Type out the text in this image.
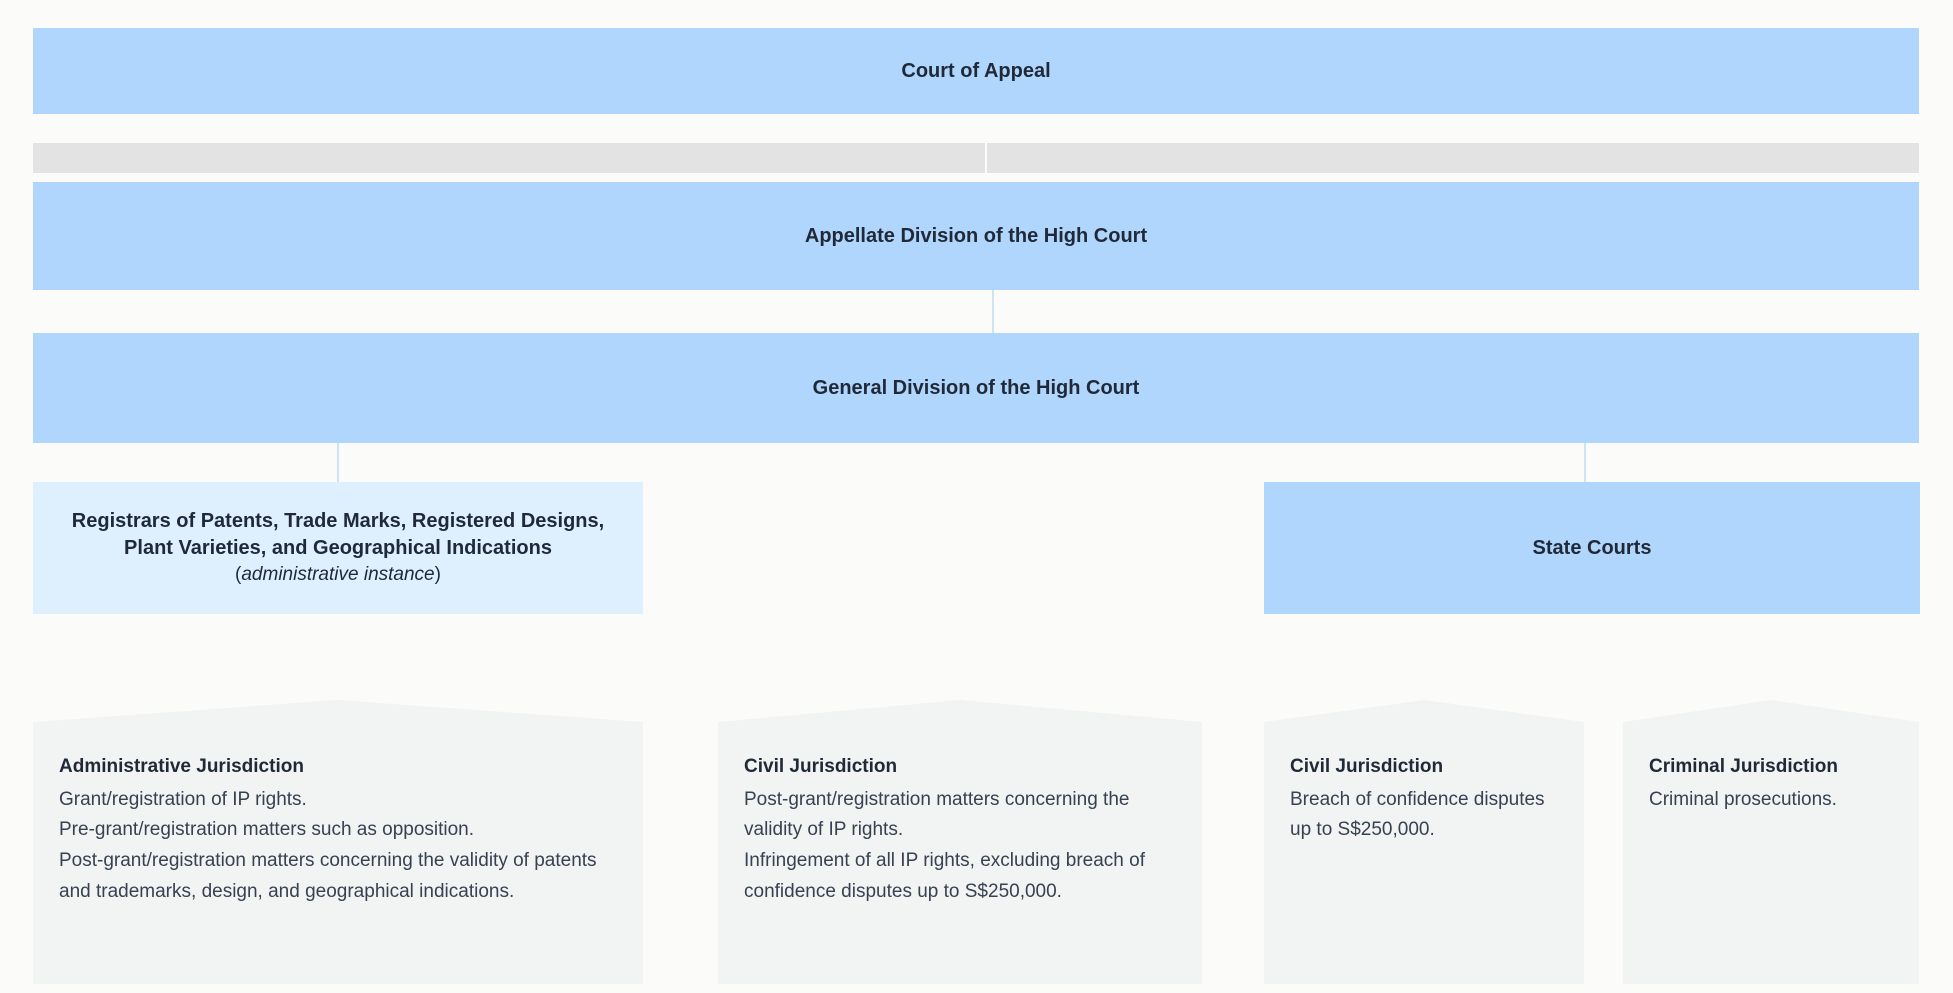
Court of Appeal
Appellate Division of the High Court
General Division of the High Court
Registrars of Patents, Trade Marks, Registered Designs, Plant Varieties, and Geographical Indications
(administrative instance)
State Courts
Administrative Jurisdiction
Grant/registration of IP rights.
Pre-grant/registration matters such as opposition.
Post-grant/registration matters concerning the validity of patents and trademarks, design, and geographical indications.
Civil Jurisdiction
Post-grant/registration matters concerning the validity of IP rights.
Infringement of all IP rights, excluding breach of confidence disputes up to S$250,000.
Civil Jurisdiction
Breach of confidence disputes up to S$250,000.
Criminal Jurisdiction
Criminal prosecutions.
